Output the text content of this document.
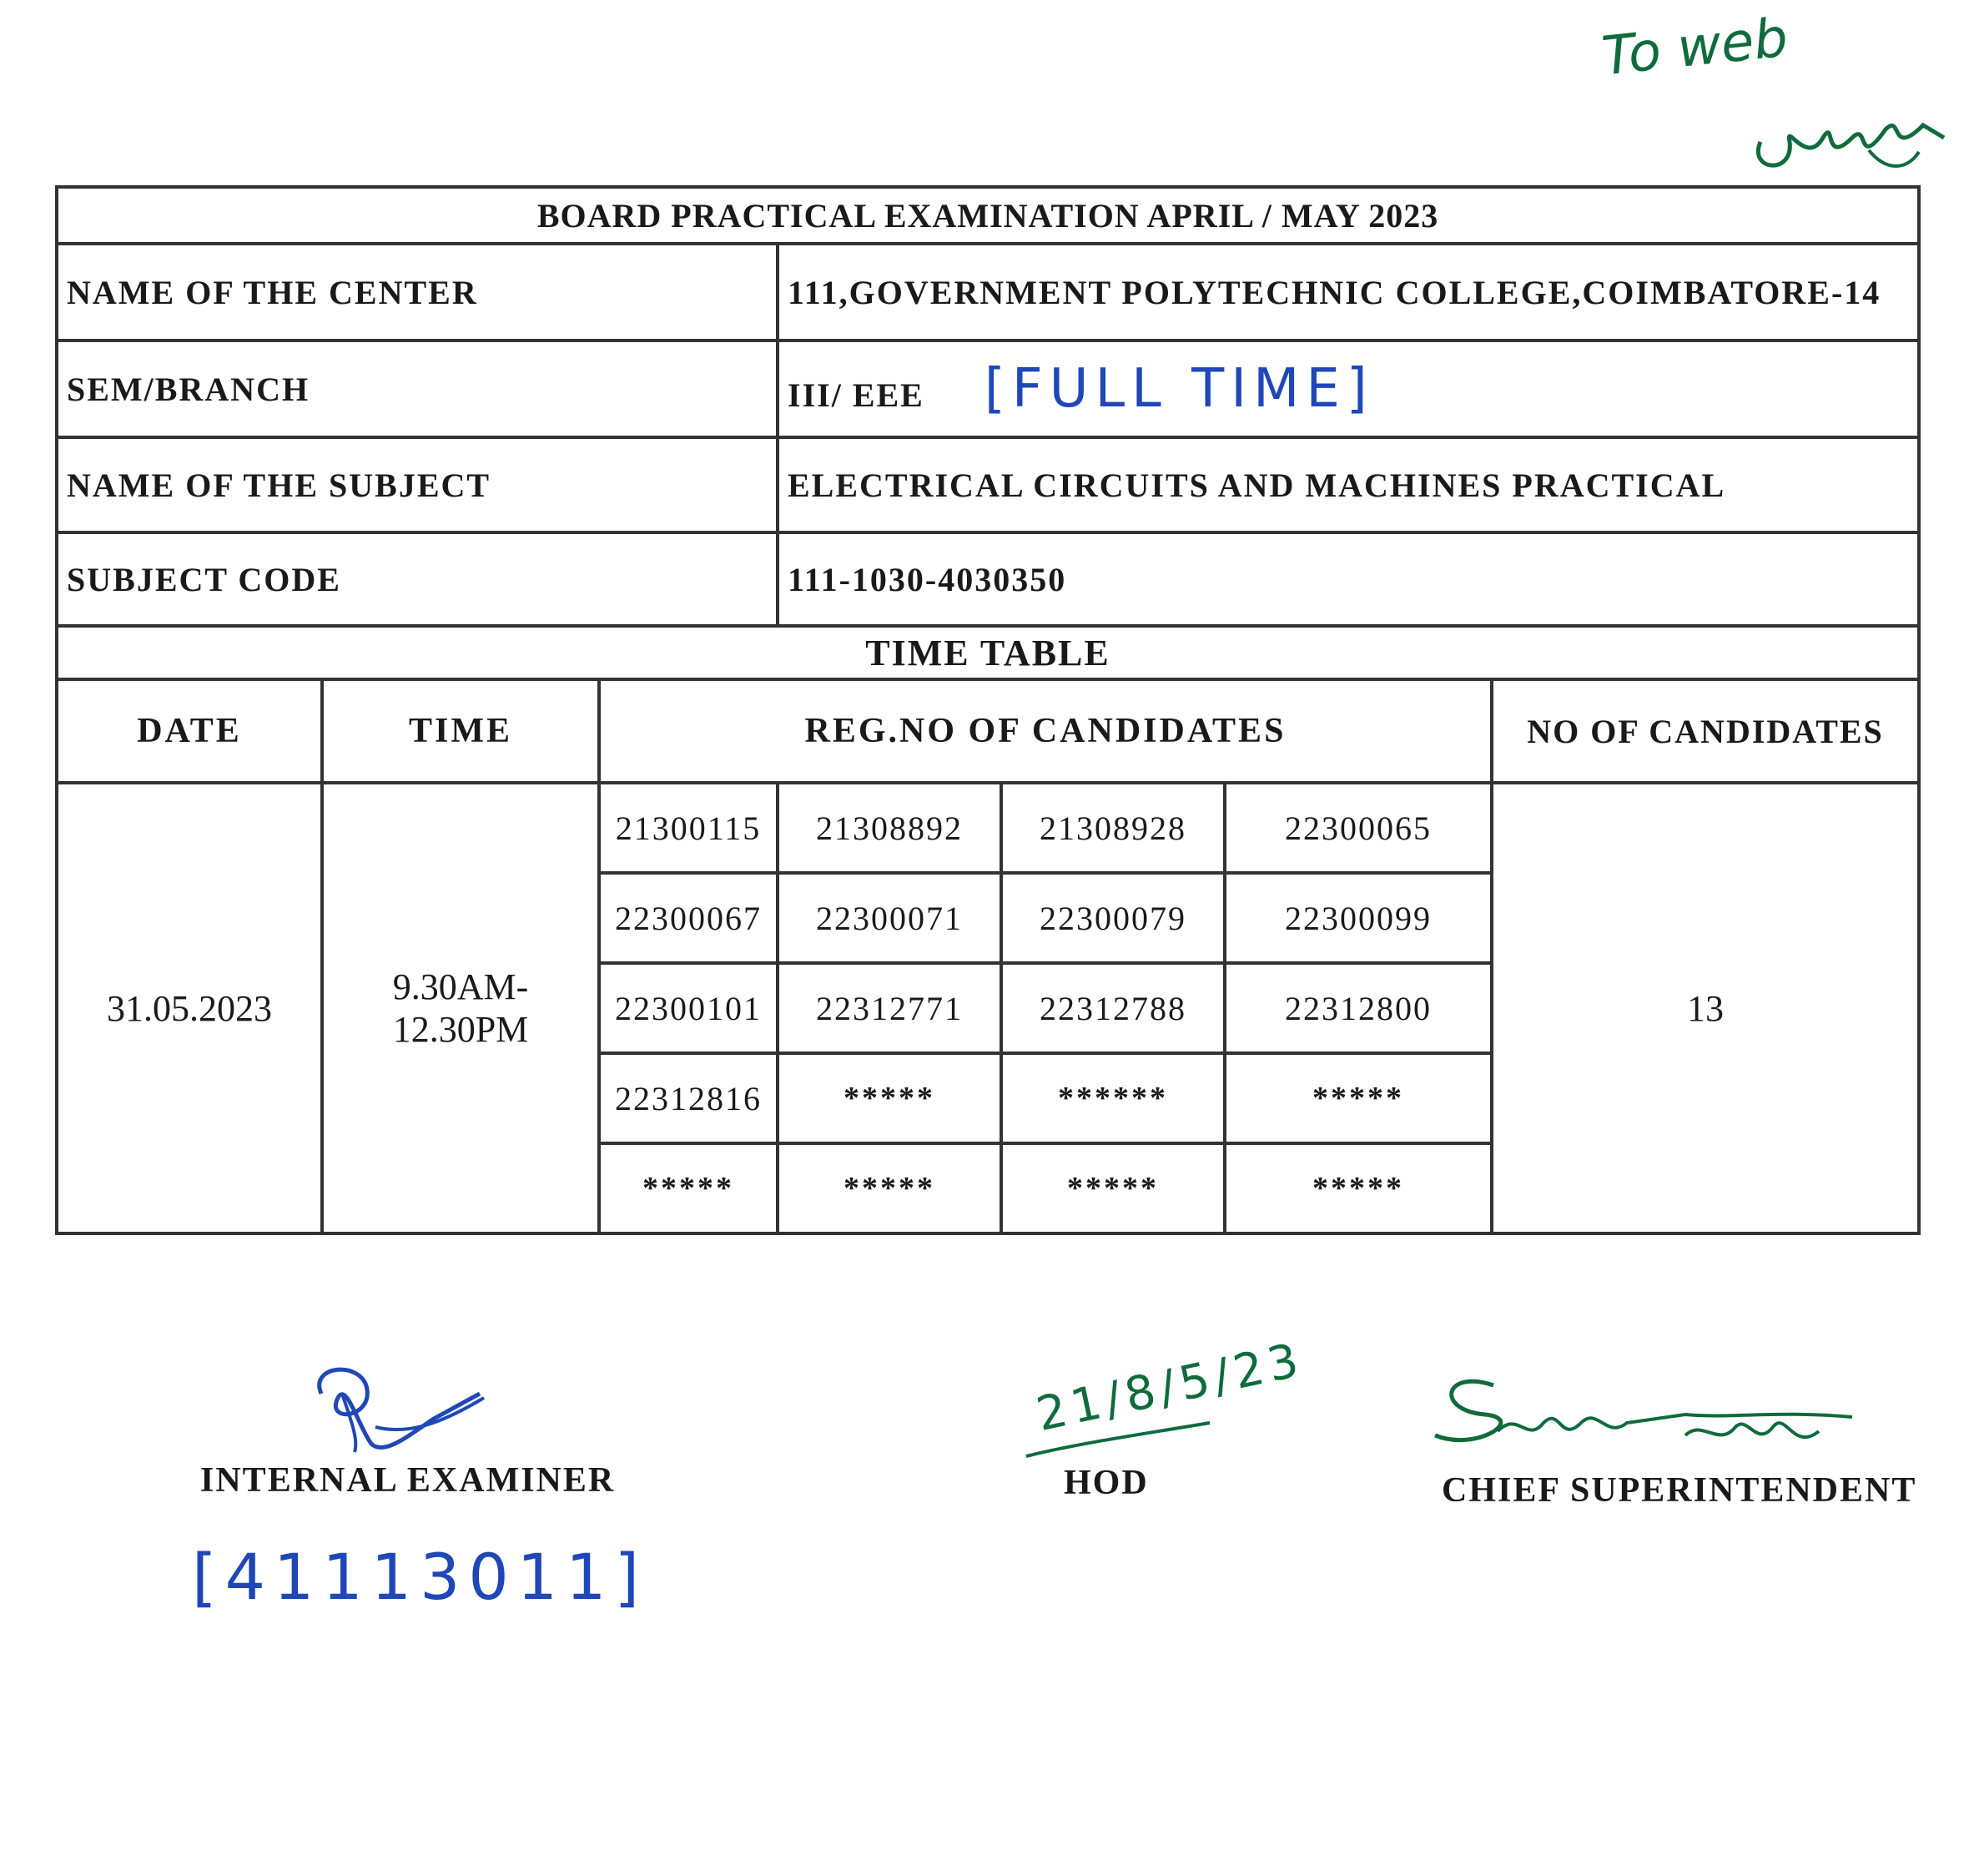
To web
BOARD PRACTICAL EXAMINATION APRIL / MAY 2023						
NAME OF THE CENTER			111,GOVERNMENT POLYTECHNIC COLLEGE,COIMBATORE-14			
SEM/BRANCH			III/ EEE [FULL TIME]			
NAME OF THE SUBJECT			ELECTRICAL CIRCUITS AND MACHINES PRACTICAL			
SUBJECT CODE			111-1030-4030350			
TIME TABLE						
DATE	TIME	REG.NO OF CANDIDATES				NO OF CANDIDATES
31.05.2023	9.30AM-12.30PM	21300115	21308892	21308928	22300065	13
		22300067	22300071	22300079	22300099	
		22300101	22312771	22312788	22312800	
		22312816	*****	******	*****	
		*****	*****	*****	*****	
INTERNAL EXAMINER
[41113011]
21/8/5/23
HOD	CHIEF SUPERINTENDENT
